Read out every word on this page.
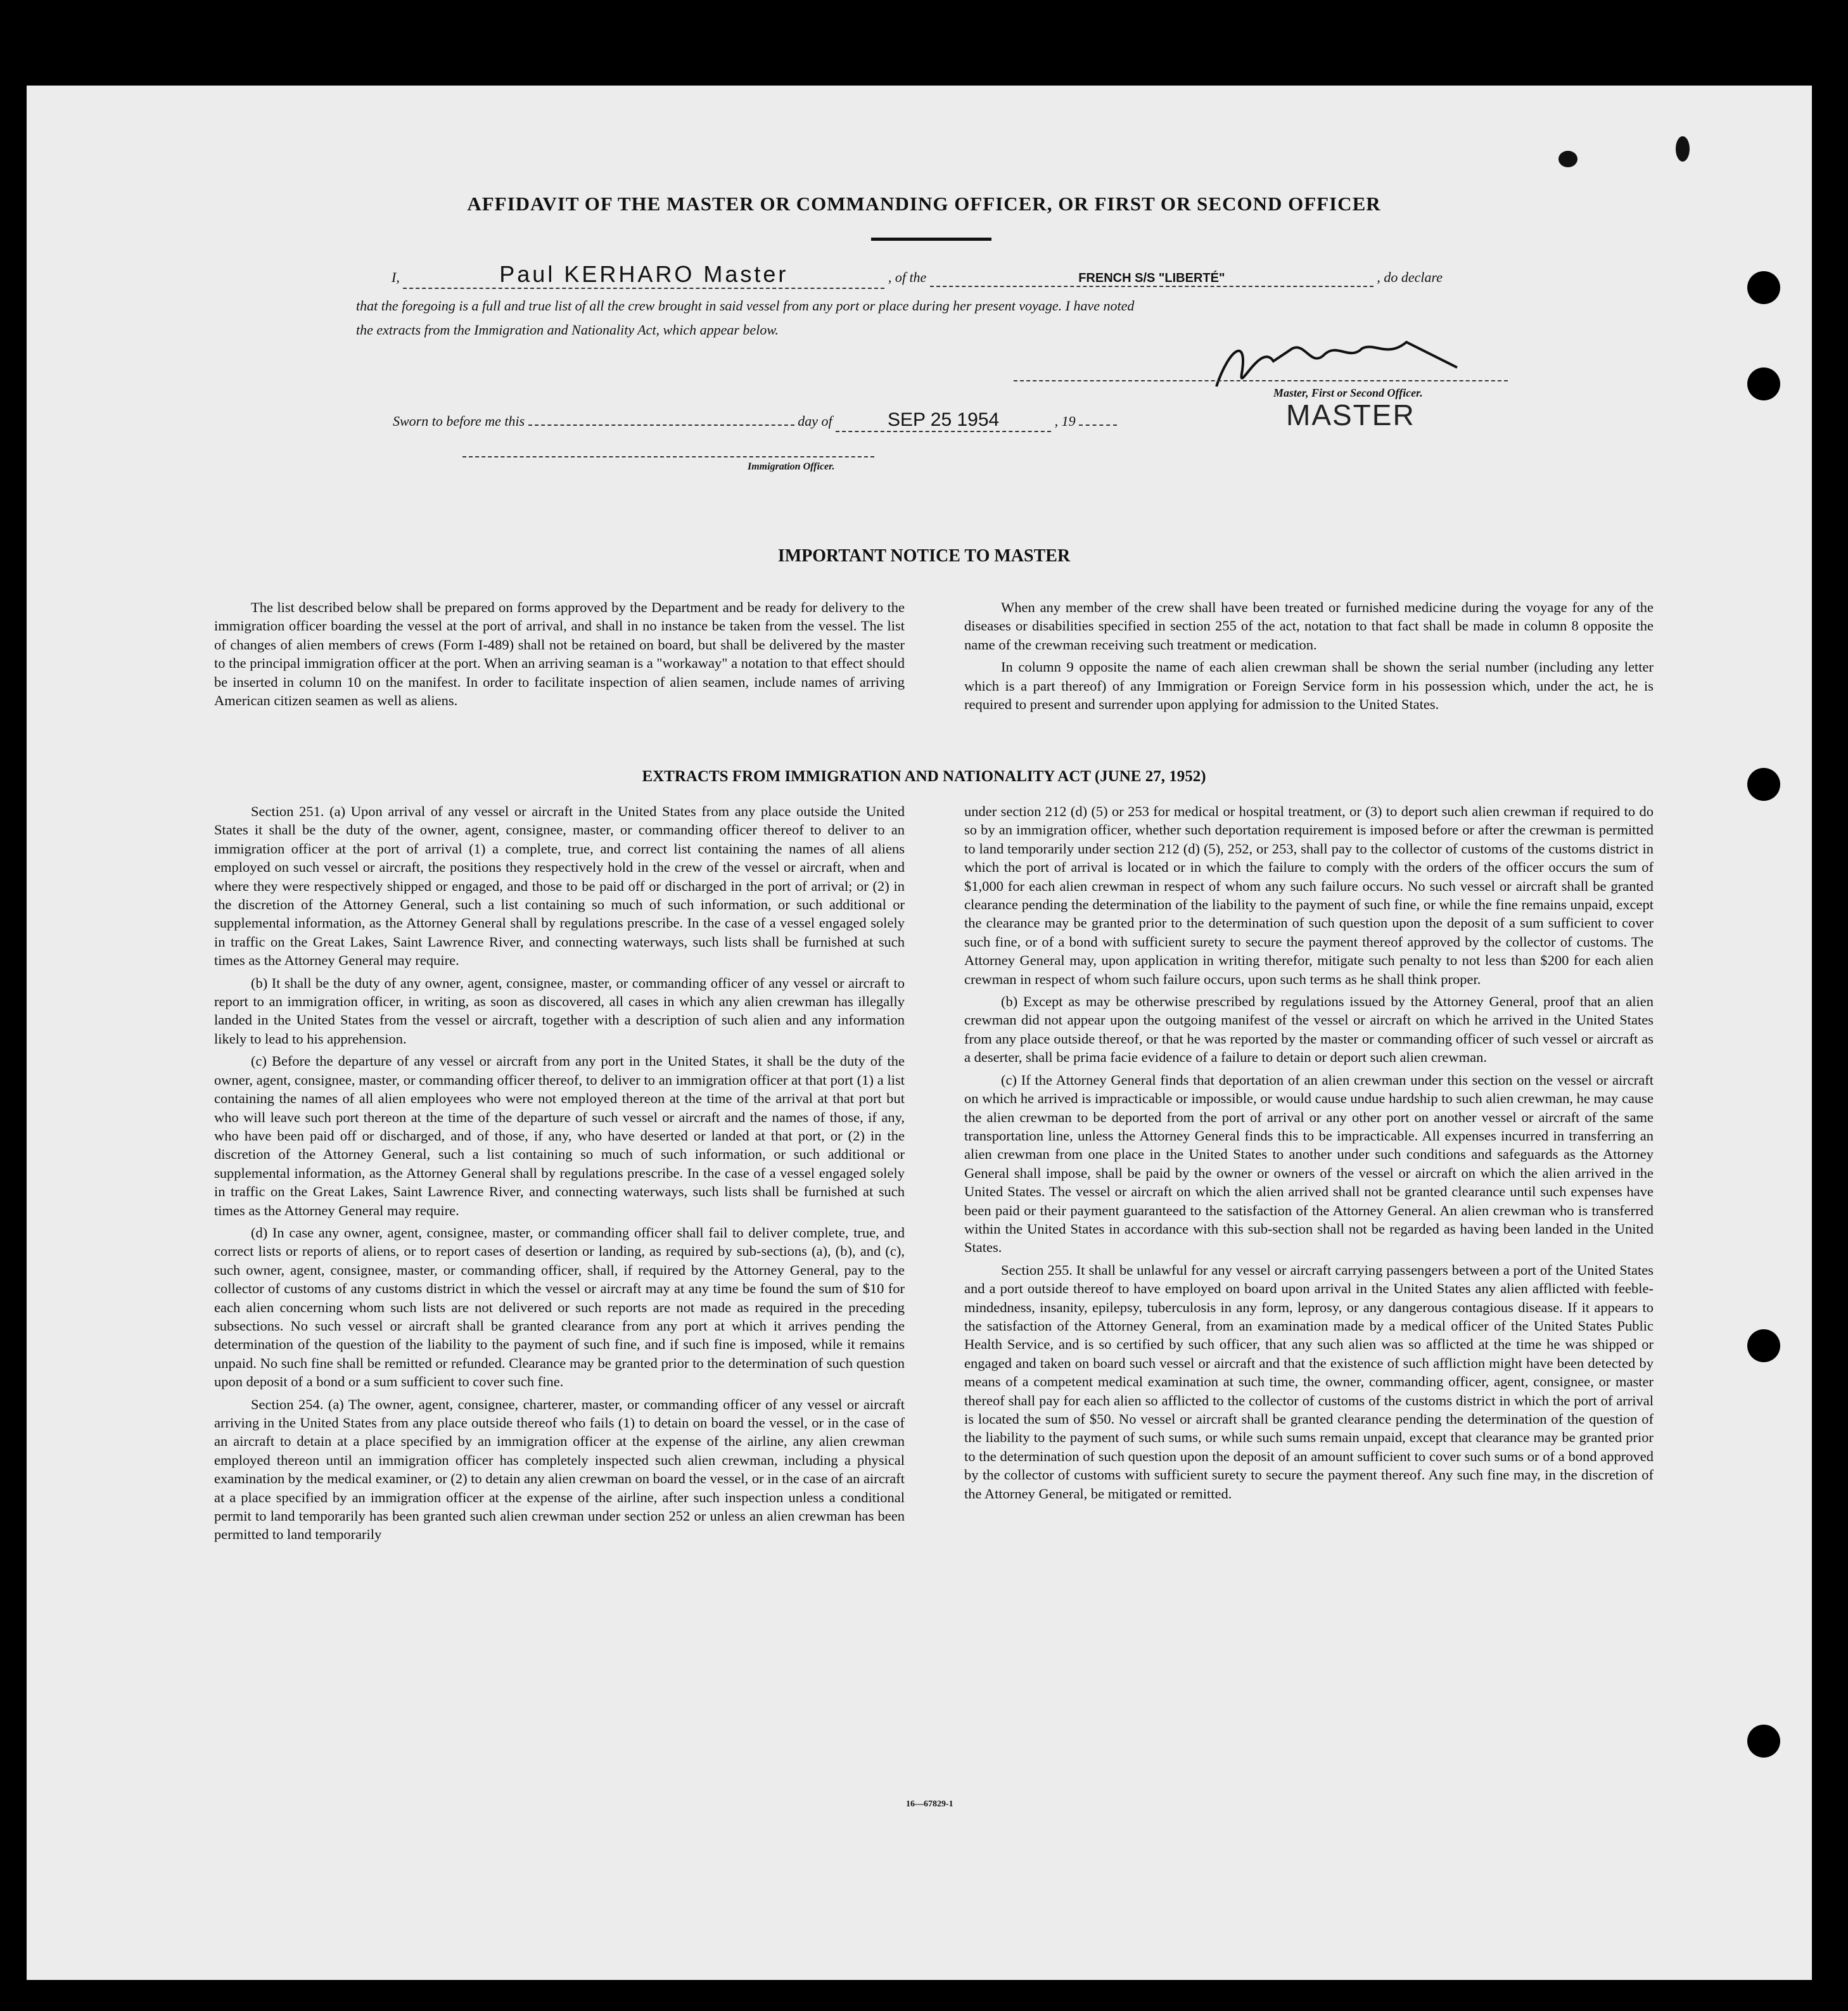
AFFIDAVIT OF THE MASTER OR COMMANDING OFFICER, OR FIRST OR SECOND OFFICER
I,	Paul KERHARO Master	, of the	FRENCH S/S "LIBERTÉ"	, do declare
that the foregoing is a full and true list of all the crew brought in said vessel from any port or place during her present voyage. I have noted
the extracts from the Immigration and Nationality Act, which appear below.
Master, First or Second Officer.
MASTER
Sworn to before me this	day of	SEP 25 1954	, 19
Immigration Officer.
IMPORTANT NOTICE TO MASTER

The list described below shall be prepared on forms approved by the Department and be ready for delivery to the immigration officer boarding the vessel at the port of arrival, and shall in no instance be taken from the vessel. The list of changes of alien members of crews (Form I-489) shall not be retained on board, but shall be delivered by the master to the principal immigration officer at the port. When an arriving seaman is a "workaway" a notation to that effect should be inserted in column 10 on the manifest. In order to facilitate inspection of alien seamen, include names of arriving American citizen seamen as well as aliens.

When any member of the crew shall have been treated or furnished medicine during the voyage for any of the diseases or disabilities specified in section 255 of the act, notation to that fact shall be made in column 8 opposite the name of the crewman receiving such treatment or medication.

In column 9 opposite the name of each alien crewman shall be shown the serial number (including any letter which is a part thereof) of any Immigration or Foreign Service form in his possession which, under the act, he is required to present and surrender upon applying for admission to the United States.

EXTRACTS FROM IMMIGRATION AND NATIONALITY ACT (JUNE 27, 1952)

Section 251. (a) Upon arrival of any vessel or aircraft in the United States from any place outside the United States it shall be the duty of the owner, agent, consignee, master, or commanding officer thereof to deliver to an immigration officer at the port of arrival (1) a complete, true, and correct list containing the names of all aliens employed on such vessel or aircraft, the positions they respectively hold in the crew of the vessel or aircraft, when and where they were respectively shipped or engaged, and those to be paid off or discharged in the port of arrival; or (2) in the discretion of the Attorney General, such a list containing so much of such information, or such additional or supplemental information, as the Attorney General shall by regulations prescribe. In the case of a vessel engaged solely in traffic on the Great Lakes, Saint Lawrence River, and connecting waterways, such lists shall be furnished at such times as the Attorney General may require.

(b) It shall be the duty of any owner, agent, consignee, master, or commanding officer of any vessel or aircraft to report to an immigration officer, in writing, as soon as discovered, all cases in which any alien crewman has illegally landed in the United States from the vessel or aircraft, together with a description of such alien and any information likely to lead to his apprehension.

(c) Before the departure of any vessel or aircraft from any port in the United States, it shall be the duty of the owner, agent, consignee, master, or commanding officer thereof, to deliver to an immigration officer at that port (1) a list containing the names of all alien employees who were not employed thereon at the time of the arrival at that port but who will leave such port thereon at the time of the departure of such vessel or aircraft and the names of those, if any, who have been paid off or discharged, and of those, if any, who have deserted or landed at that port, or (2) in the discretion of the Attorney General, such a list containing so much of such information, or such additional or supplemental information, as the Attorney General shall by regulations prescribe. In the case of a vessel engaged solely in traffic on the Great Lakes, Saint Lawrence River, and connecting waterways, such lists shall be furnished at such times as the Attorney General may require.

(d) In case any owner, agent, consignee, master, or commanding officer shall fail to deliver complete, true, and correct lists or reports of aliens, or to report cases of desertion or landing, as required by sub-sections (a), (b), and (c), such owner, agent, consignee, master, or commanding officer, shall, if required by the Attorney General, pay to the collector of customs of any customs district in which the vessel or aircraft may at any time be found the sum of $10 for each alien concerning whom such lists are not delivered or such reports are not made as required in the preceding subsections. No such vessel or aircraft shall be granted clearance from any port at which it arrives pending the determination of the question of the liability to the payment of such fine, and if such fine is imposed, while it remains unpaid. No such fine shall be remitted or refunded. Clearance may be granted prior to the determination of such question upon deposit of a bond or a sum sufficient to cover such fine.

Section 254. (a) The owner, agent, consignee, charterer, master, or commanding officer of any vessel or aircraft arriving in the United States from any place outside thereof who fails (1) to detain on board the vessel, or in the case of an aircraft to detain at a place specified by an immigration officer at the expense of the airline, any alien crewman employed thereon until an immigration officer has completely inspected such alien crewman, including a physical examination by the medical examiner, or (2) to detain any alien crewman on board the vessel, or in the case of an aircraft at a place specified by an immigration officer at the expense of the airline, after such inspection unless a conditional permit to land temporarily has been granted such alien crewman under section 252 or unless an alien crewman has been permitted to land temporarily

under section 212 (d) (5) or 253 for medical or hospital treatment, or (3) to deport such alien crewman if required to do so by an immigration officer, whether such deportation requirement is imposed before or after the crewman is permitted to land temporarily under section 212 (d) (5), 252, or 253, shall pay to the collector of customs of the customs district in which the port of arrival is located or in which the failure to comply with the orders of the officer occurs the sum of $1,000 for each alien crewman in respect of whom any such failure occurs. No such vessel or aircraft shall be granted clearance pending the determination of the liability to the payment of such fine, or while the fine remains unpaid, except the clearance may be granted prior to the determination of such question upon the deposit of a sum sufficient to cover such fine, or of a bond with sufficient surety to secure the payment thereof approved by the collector of customs. The Attorney General may, upon application in writing therefor, mitigate such penalty to not less than $200 for each alien crewman in respect of whom such failure occurs, upon such terms as he shall think proper.

(b) Except as may be otherwise prescribed by regulations issued by the Attorney General, proof that an alien crewman did not appear upon the outgoing manifest of the vessel or aircraft on which he arrived in the United States from any place outside thereof, or that he was reported by the master or commanding officer of such vessel or aircraft as a deserter, shall be prima facie evidence of a failure to detain or deport such alien crewman.

(c) If the Attorney General finds that deportation of an alien crewman under this section on the vessel or aircraft on which he arrived is impracticable or impossible, or would cause undue hardship to such alien crewman, he may cause the alien crewman to be deported from the port of arrival or any other port on another vessel or aircraft of the same transportation line, unless the Attorney General finds this to be impracticable. All expenses incurred in transferring an alien crewman from one place in the United States to another under such conditions and safeguards as the Attorney General shall impose, shall be paid by the owner or owners of the vessel or aircraft on which the alien arrived in the United States. The vessel or aircraft on which the alien arrived shall not be granted clearance until such expenses have been paid or their payment guaranteed to the satisfaction of the Attorney General. An alien crewman who is transferred within the United States in accordance with this sub-section shall not be regarded as having been landed in the United States.

Section 255. It shall be unlawful for any vessel or aircraft carrying passengers between a port of the United States and a port outside thereof to have employed on board upon arrival in the United States any alien afflicted with feeble-mindedness, insanity, epilepsy, tuberculosis in any form, leprosy, or any dangerous contagious disease. If it appears to the satisfaction of the Attorney General, from an examination made by a medical officer of the United States Public Health Service, and is so certified by such officer, that any such alien was so afflicted at the time he was shipped or engaged and taken on board such vessel or aircraft and that the existence of such affliction might have been detected by means of a competent medical examination at such time, the owner, commanding officer, agent, consignee, or master thereof shall pay for each alien so afflicted to the collector of customs of the customs district in which the port of arrival is located the sum of $50. No vessel or aircraft shall be granted clearance pending the determination of the question of the liability to the payment of such sums, or while such sums remain unpaid, except that clearance may be granted prior to the determination of such question upon the deposit of an amount sufficient to cover such sums or of a bond approved by the collector of customs with sufficient surety to secure the payment thereof. Any such fine may, in the discretion of the Attorney General, be mitigated or remitted.

16—67829-1
